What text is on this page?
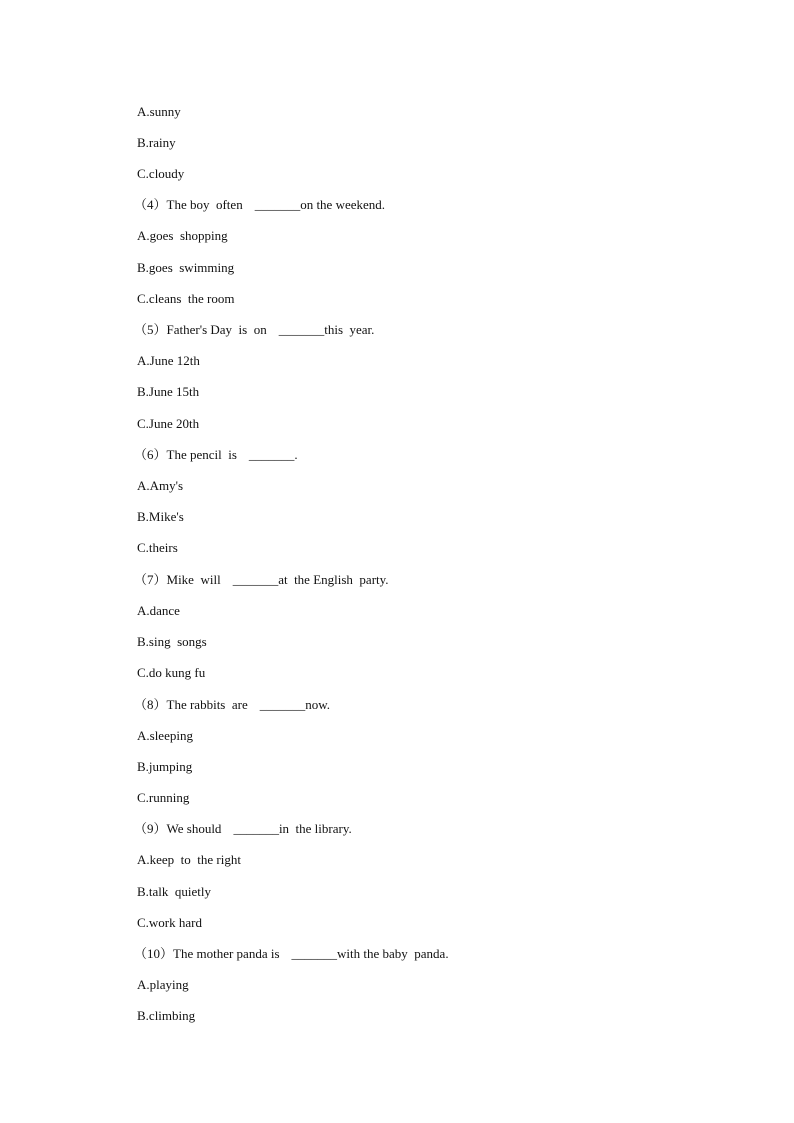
A.sunny
B.rainy
C.cloudy
（4）The boy  often _______on the weekend.
A.goes  shopping
B.goes  swimming
C.cleans  the room
（5）Father's Day  is  on _______this  year.
A.June 12th
B.June 15th
C.June 20th
（6）The pencil  is _______.
A.Amy's
B.Mike's
C.theirs
（7）Mike  will _______at  the English  party.
A.dance
B.sing  songs
C.do kung fu
（8）The rabbits  are _______now.
A.sleeping
B.jumping
C.running
（9）We should _______in  the library.
A.keep  to  the right
B.talk  quietly
C.work hard
（10）The mother panda is _______with the baby  panda.
A.playing
B.climbing
